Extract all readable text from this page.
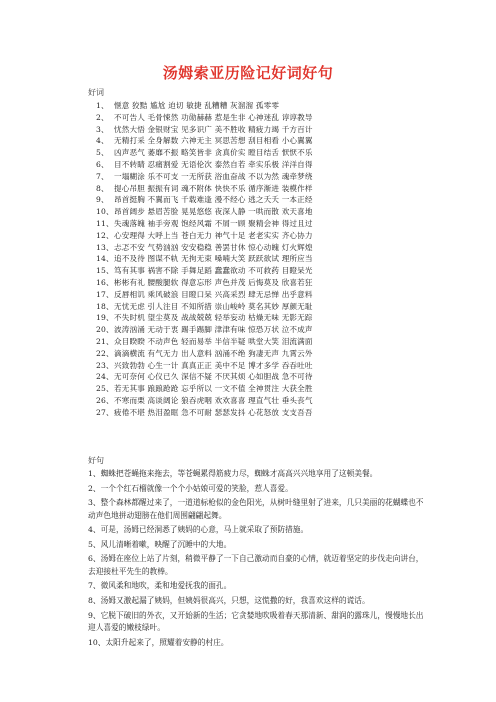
汤姆索亚历险记好词好句
好词
1、 惬意 狡黠 尴尬 迫切 敏捷 乱糟糟 灰溜溜 孤零零
2、 不可告人 毛骨悚然 功勋赫赫 惹是生非 心神迷乱 谆谆教导
3、 忧然大悟 金银财宝 见多识广 美不胜收 精疲力竭 千方百计
4、 无精打采 全身解数 六神无主 冥思苦想 刮目相看 小心翼翼
5、 凶声恶气 萎靡不振 略笑皆非 贪真价实 瞠目结舌 恹恹不乐
6、 目不转睛 忍痛割爱 无语伦次 泰然自若 牵实乐极 洋洋自得
7、 一塌糊涂 乐不可支 一无所获 浴血奋战 不以为然 魂牵梦绕
8、 提心吊胆 振振有词 魂不附体 快快不乐 循序渐进 装模作样
9、 昂首挺胸 不翼而飞 千载难逢 漫不经心 逃之夭夭 一本正经
10、昂首阔步 悬眉苦脸 晃晃悠悠 夜深人静 一哄而散 欢天喜地
11、失魂落魄 袖手旁观 饱经风霜 不屑一顾 聚精会神 得过且过
12、心安理得 大呼上当 苍白无力 神气十足 老老实实 齐心协力
13、忐忑不安 气势汹汹 安安稳稳 善罢甘休 惊心动魄 灯火辉煌
14、追不及待 图谋不轨 无拘无束 嗓喃大笑 跃跃欲试 理所应当
15、笃有其事 祸害不除 手舞足蹈 蠢蠢欲动 不可救药 目瞪呆光
16、彬彬有礼 腰酸腿软 得意忘形 声色并茂 后悔莫及 欣喜若狂
17、反唇相讥 乘风破浪 目瞪口呆 兴高采烈 肆无忌惮 出乎意料
18、无忧无虑 引人注目 不知所措 崇山峻岭 莫名其妙 厚颜无耻
19、不失时机 望尘莫及 战战兢兢 轻举妄动 枯燥无味 无影无踪
20、波涛汹涌 无动于衷 踢手踢脚 津津有味 惊恐万状 泣不成声
21、众目睽睽 不动声色 轻而易举 半信半疑 哄堂大笑 泪流满面
22、滴滴横流 有气无力 出人意料 汹涌不绝 狗凄无声 九霄云外
23、兴致勃勃 心生一计 真真正正 美中不足 博才多学 吞吞吐吐
24、无可奈何 心仪已久 深信不疑 不厌其烦 心如胆战 急不可待
25、若无其事 踉踉跄跄 忘乎所以 一文不值 全神贯注 大获全胜
26、不寒而栗 高谈阔论 狼吞虎咽 欢欢喜喜 理直气壮 垂头丧气
27、疲倦不堪 热泪盈眶 急不可耐 瑟瑟发抖 心花怒放 支支吾吾
好句
1、蜘蛛把苍蝇拖来拖去，等苍蝇累得筋疲力尽，蜘蛛才高高兴兴地享用了这顿美餐。
2、一个个红石榴就像一个个小姑娘可爱的笑脸，惹人喜爱。
3、整个森林都醒过来了，一道道标枪似的金色阳光，从树叶缝里射了进来，几只美丽的花蝴蝶也不动声色地拼动翅膀在他们周围翩翩起舞。
4、可是，汤姆已经洞悉了姨妈的心意，马上就采取了预防措施。
5、风儿清晰着嗽，映醒了沉睡中的大地。
6、汤姆在座位上站了片刻，稍微平静了一下自己激动而自豪的心情，就迈着坚定的步伐走向讲台，去迎接杜平先生的教棒。
7、微风柔和地吹，柔和地爱抚我的面孔。
8、汤姆又激起漏了姨妈，但姨妈很高兴，只想，这慌撒的好，我喜欢这样的谎话。
9、它脱下破旧的外衣，又开始新的生活；它贪婪地吹吸着春天那清新、甜润的露珠儿，慢慢地长出迎人喜爱的嫩枝绿叶。
10、太阳升起来了，照耀着安静的村庄。
